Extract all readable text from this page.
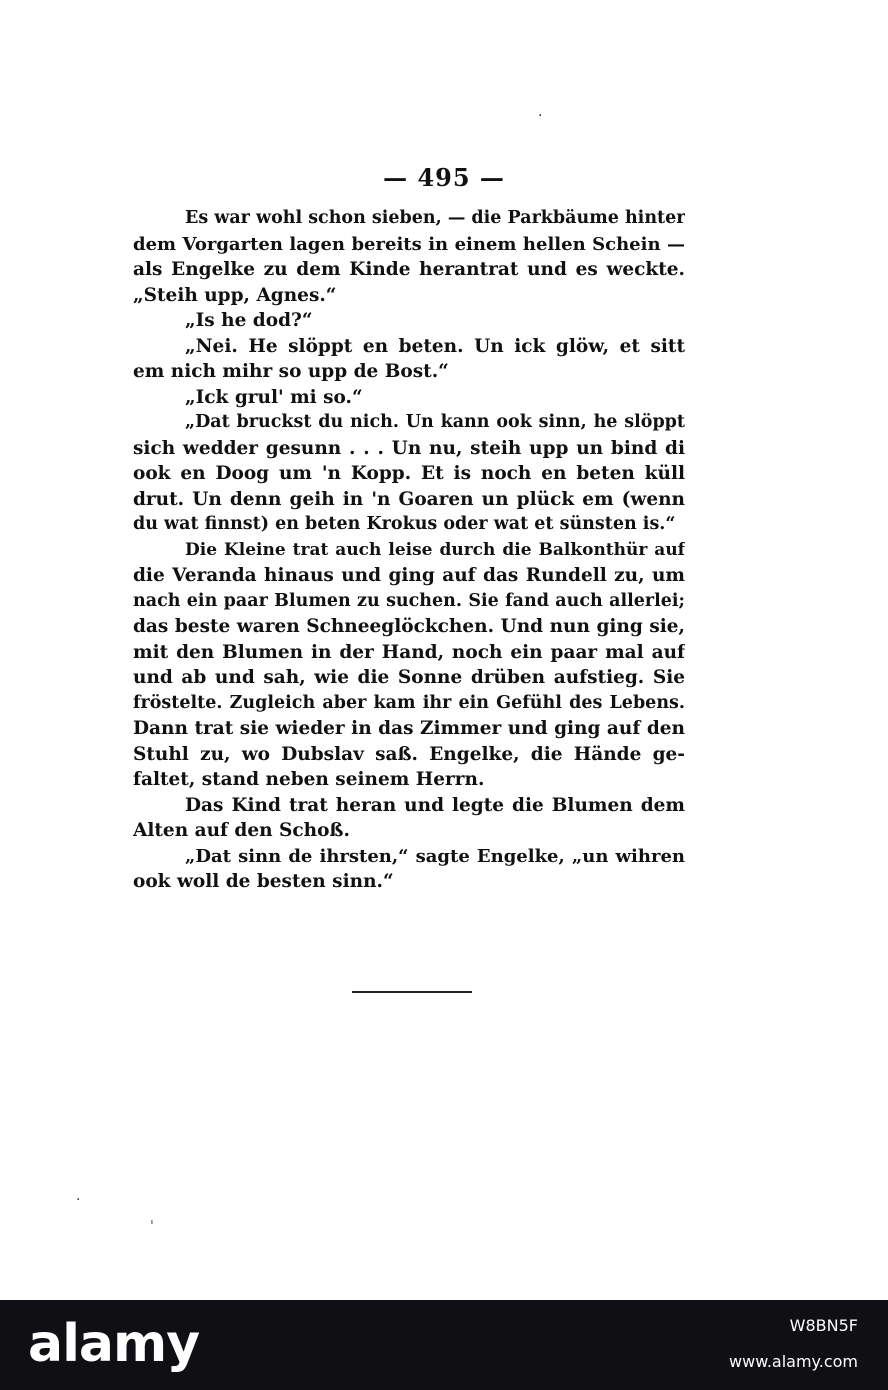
— 495 —
Es war wohl schon sieben, — die Parkbäume hinter
dem Vorgarten lagen bereits in einem hellen Schein —
als Engelke zu dem Kinde herantrat und es weckte.
„Steih upp, Agnes.“
„Is he dod?“
„Nei. He slöppt en beten. Un ick glöw, et sitt
em nich mihr so upp de Bost.“
„Ick grul' mi so.“
„Dat bruckst du nich. Un kann ook sinn, he slöppt
sich wedder gesunn . . . Un nu, steih upp un bind di
ook en Doog um 'n Kopp. Et is noch en beten küll
drut. Un denn geih in 'n Goaren un plück em (wenn
du wat finnst) en beten Krokus oder wat et sünsten is.“
Die Kleine trat auch leise durch die Balkonthür auf
die Veranda hinaus und ging auf das Rundell zu, um
nach ein paar Blumen zu suchen. Sie fand auch allerlei;
das beste waren Schneeglöckchen. Und nun ging sie,
mit den Blumen in der Hand, noch ein paar mal auf
und ab und sah, wie die Sonne drüben aufstieg. Sie
fröstelte. Zugleich aber kam ihr ein Gefühl des Lebens.
Dann trat sie wieder in das Zimmer und ging auf den
Stuhl zu, wo Dubslav saß. Engelke, die Hände ge-
faltet, stand neben seinem Herrn.
Das Kind trat heran und legte die Blumen dem
Alten auf den Schoß.
„Dat sinn de ihrsten,“ sagte Engelke, „un wihren
ook woll de besten sinn.“
·
·
ˌ
alamy	W8BN5F
www.alamy.com
